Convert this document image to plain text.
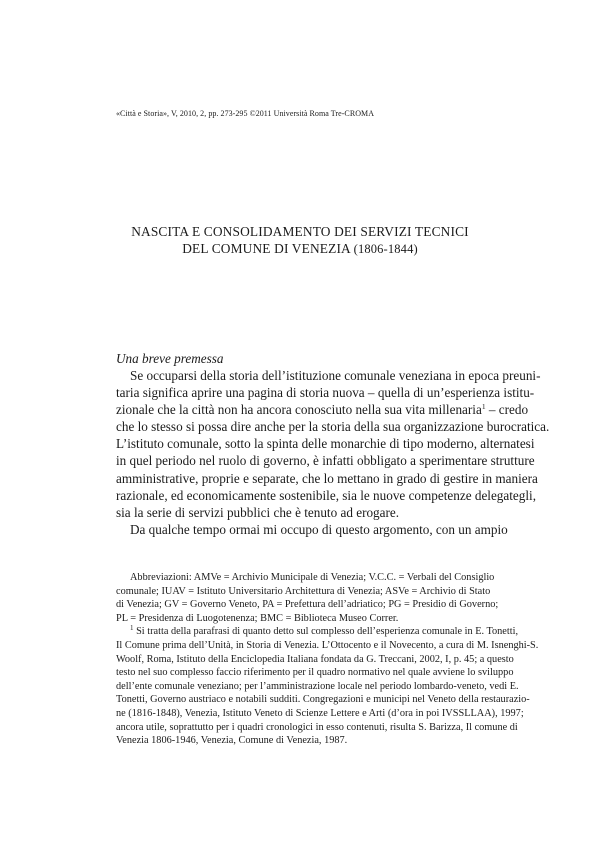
«Città e Storia», V, 2010, 2, pp. 273-295 ©2011 Università Roma Tre-CROMA
NASCITA E CONSOLIDAMENTO DEI SERVIZI TECNICI
DEL COMUNE DI VENEZIA (1806-1844)
Una breve premessa
Se occuparsi della storia dell’istituzione comunale veneziana in epoca preuni-
taria significa aprire una pagina di storia nuova – quella di un’esperienza istitu-
zionale che la città non ha ancora conosciuto nella sua vita millenaria$^1$ – credo
che lo stesso si possa dire anche per la storia della sua organizzazione burocratica.
L’istituto comunale, sotto la spinta delle monarchie di tipo moderno, alternatesi
in quel periodo nel ruolo di governo, è infatti obbligato a sperimentare strutture
amministrative, proprie e separate, che lo mettano in grado di gestire in maniera
razionale, ed economicamente sostenibile, sia le nuove competenze delegategli,
sia la serie di servizi pubblici che è tenuto ad erogare.
Da qualche tempo ormai mi occupo di questo argomento, con un ampio
Abbreviazioni: AMVe = Archivio Municipale di Venezia; V.C.C. = Verbali del Consiglio
comunale; IUAV = Istituto Universitario Architettura di Venezia; ASVe = Archivio di Stato
di Venezia; GV = Governo Veneto, PA = Prefettura dell’adriatico; PG = Presidio di Governo;
PL = Presidenza di Luogotenenza; BMC = Biblioteca Museo Correr.
$^1$ Si tratta della parafrasi di quanto detto sul complesso dell’esperienza comunale in E. Tonetti,
Il Comune prima dell’Unità, in Storia di Venezia. L’Ottocento e il Novecento, a cura di M. Isnenghi-S.
Woolf, Roma, Istituto della Enciclopedia Italiana fondata da G. Treccani, 2002, I, p. 45; a questo
testo nel suo complesso faccio riferimento per il quadro normativo nel quale avviene lo sviluppo
dell’ente comunale veneziano; per l’amministrazione locale nel periodo lombardo-veneto, vedi E.
Tonetti, Governo austriaco e notabili sudditi. Congregazioni e municipi nel Veneto della restaurazio-
ne (1816-1848), Venezia, Istituto Veneto di Scienze Lettere e Arti (d’ora in poi IVSSLLAA), 1997;
ancora utile, soprattutto per i quadri cronologici in esso contenuti, risulta S. Barizza, Il comune di
Venezia 1806-1946, Venezia, Comune di Venezia, 1987.
